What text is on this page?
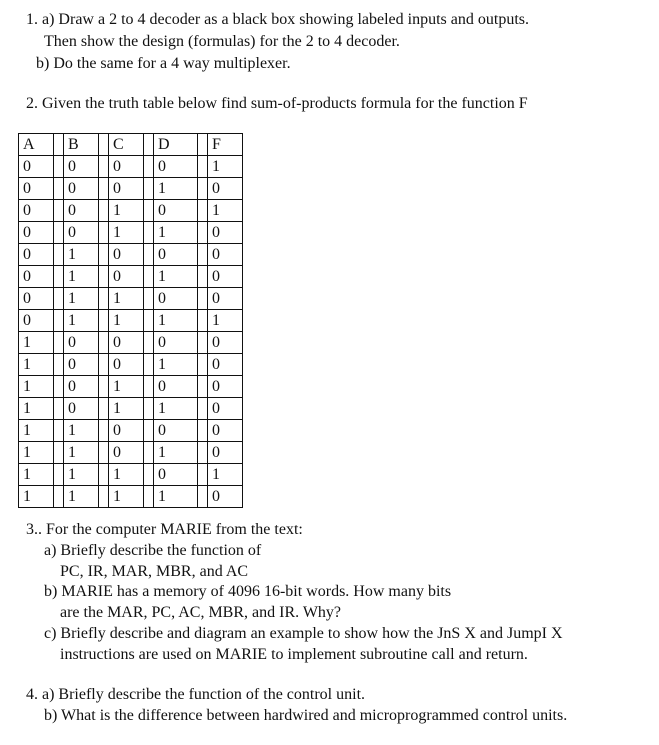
1. a) Draw a 2 to 4 decoder as a black box showing labeled inputs and outputs.
Then show the design (formulas) for the 2 to 4 decoder.
b) Do the same for a 4 way multiplexer.
2. Given the truth table below find sum-of-products formula for the function F
A		B		C		D		F
0		0		0		0		1
0		0		0		1		0
0		0		1		0		1
0		0		1		1		0
0		1		0		0		0
0		1		0		1		0
0		1		1		0		0
0		1		1		1		1
1		0		0		0		0
1		0		0		1		0
1		0		1		0		0
1		0		1		1		0
1		1		0		0		0
1		1		0		1		0
1		1		1		0		1
1		1		1		1		0
3.. For the computer MARIE from the text:
a) Briefly describe the function of
PC, IR, MAR, MBR, and AC
b) MARIE has a memory of 4096 16-bit words. How many bits
are the MAR, PC, AC, MBR, and IR. Why?
c) Briefly describe and diagram an example to show how the JnS X and JumpI X
instructions are used on MARIE to implement subroutine call and return.
4. a) Briefly describe the function of the control unit.
b) What is the difference between hardwired and microprogrammed control units.
